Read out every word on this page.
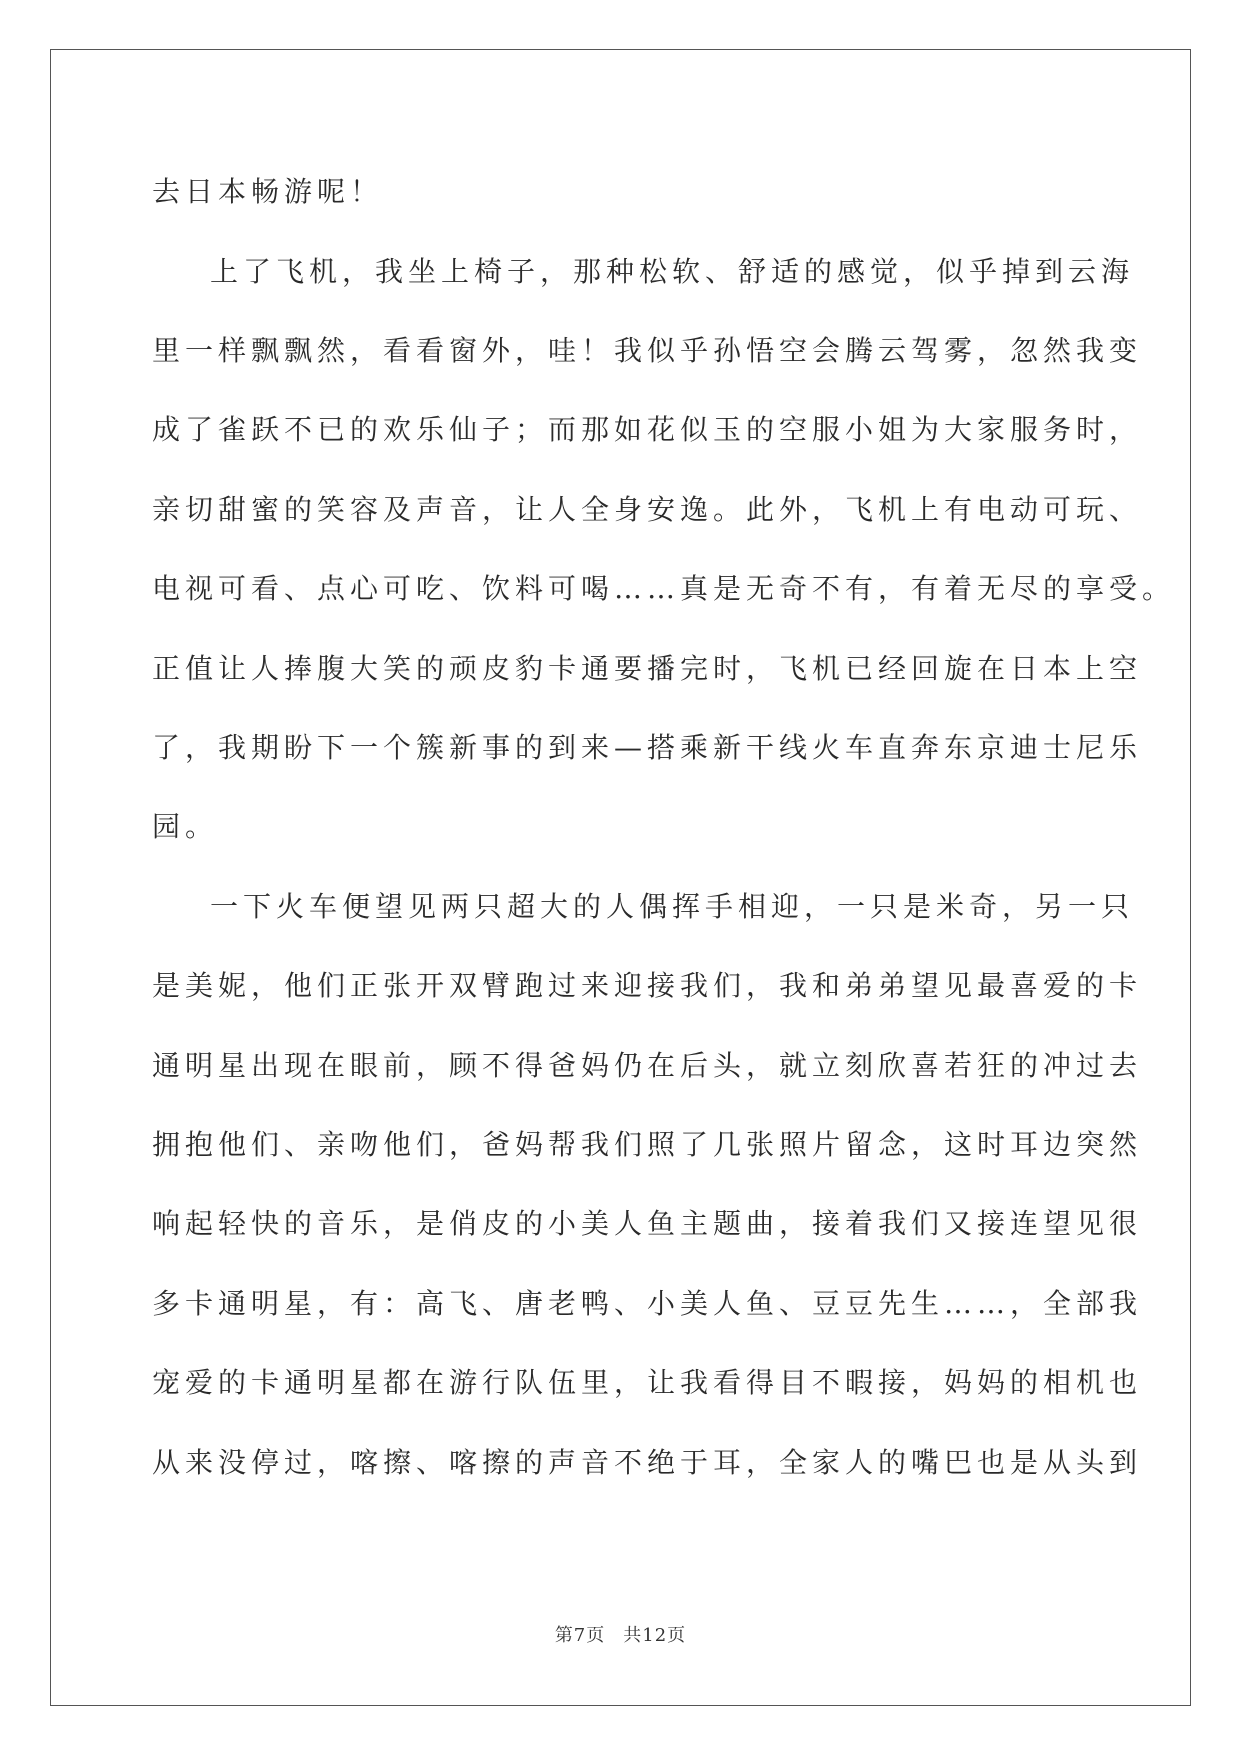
去日本畅游呢！
上了飞机，我坐上椅子，那种松软、舒适的感觉，似乎掉到云海
里一样飘飘然，看看窗外，哇！我似乎孙悟空会腾云驾雾，忽然我变
成了雀跃不已的欢乐仙子；而那如花似玉的空服小姐为大家服务时，
亲切甜蜜的笑容及声音，让人全身安逸。此外，飞机上有电动可玩、
电视可看、点心可吃、饮料可喝……真是无奇不有，有着无尽的享受。
正值让人捧腹大笑的顽皮豹卡通要播完时，飞机已经回旋在日本上空
了，我期盼下一个簇新事的到来—搭乘新干线火车直奔东京迪士尼乐
园。
一下火车便望见两只超大的人偶挥手相迎，一只是米奇，另一只
是美妮，他们正张开双臂跑过来迎接我们，我和弟弟望见最喜爱的卡
通明星出现在眼前，顾不得爸妈仍在后头，就立刻欣喜若狂的冲过去
拥抱他们、亲吻他们，爸妈帮我们照了几张照片留念，这时耳边突然
响起轻快的音乐，是俏皮的小美人鱼主题曲，接着我们又接连望见很
多卡通明星，有：高飞、唐老鸭、小美人鱼、豆豆先生……，全部我
宠爱的卡通明星都在游行队伍里，让我看得目不暇接，妈妈的相机也
从来没停过，喀擦、喀擦的声音不绝于耳，全家人的嘴巴也是从头到
第7页 共12页
